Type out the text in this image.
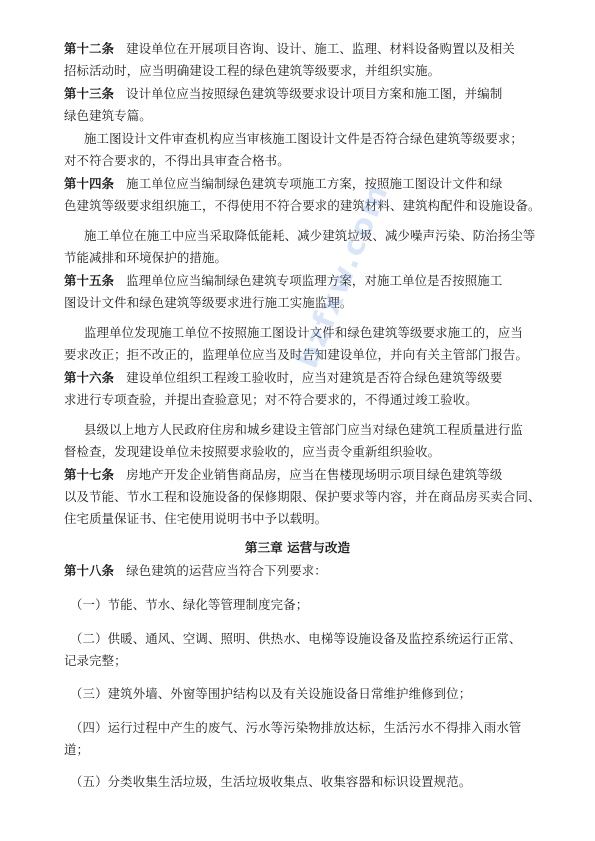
第十二条 建设单位在开展项目咨询、设计、施工、监理、材料设备购置以及相关
招标活动时，应当明确建设工程的绿色建筑等级要求，并组织实施。
第十三条 设计单位应当按照绿色建筑等级要求设计项目方案和施工图，并编制
绿色建筑专篇。
施工图设计文件审查机构应当审核施工图设计文件是否符合绿色建筑等级要求；
对不符合要求的，不得出具审查合格书。
第十四条 施工单位应当编制绿色建筑专项施工方案，按照施工图设计文件和绿
色建筑等级要求组织施工，不得使用不符合要求的建筑材料、建筑构配件和设施设备。
施工单位在施工中应当采取降低能耗、减少建筑垃圾、减少噪声污染、防治扬尘等
节能减排和环境保护的措施。
第十五条 监理单位应当编制绿色建筑专项监理方案，对施工单位是否按照施工
图设计文件和绿色建筑等级要求进行施工实施监理。
监理单位发现施工单位不按照施工图设计文件和绿色建筑等级要求施工的，应当
要求改正；拒不改正的，监理单位应当及时告知建设单位，并向有关主管部门报告。
第十六条 建设单位组织工程竣工验收时，应当对建筑是否符合绿色建筑等级要
求进行专项查验，并提出查验意见；对不符合要求的，不得通过竣工验收。
县级以上地方人民政府住房和城乡建设主管部门应当对绿色建筑工程质量进行监
督检查，发现建设单位未按照要求验收的，应当责令重新组织验收。
第十七条 房地产开发企业销售商品房，应当在售楼现场明示项目绿色建筑等级
以及节能、节水工程和设施设备的保修期限、保护要求等内容，并在商品房买卖合同、
住宅质量保证书、住宅使用说明书中予以载明。
第三章 运营与改造
第十八条 绿色建筑的运营应当符合下列要求：
（一）节能、节水、绿化等管理制度完备；
（二）供暖、通风、空调、照明、供热水、电梯等设施设备及监控系统运行正常、
记录完整；
（三）建筑外墙、外窗等围护结构以及有关设施设备日常维护维修到位；
（四）运行过程中产生的废气、污水等污染物排放达标，生活污水不得排入雨水管
道；
（五）分类收集生活垃圾，生活垃圾收集点、收集容器和标识设置规范。
bzfxw.com
